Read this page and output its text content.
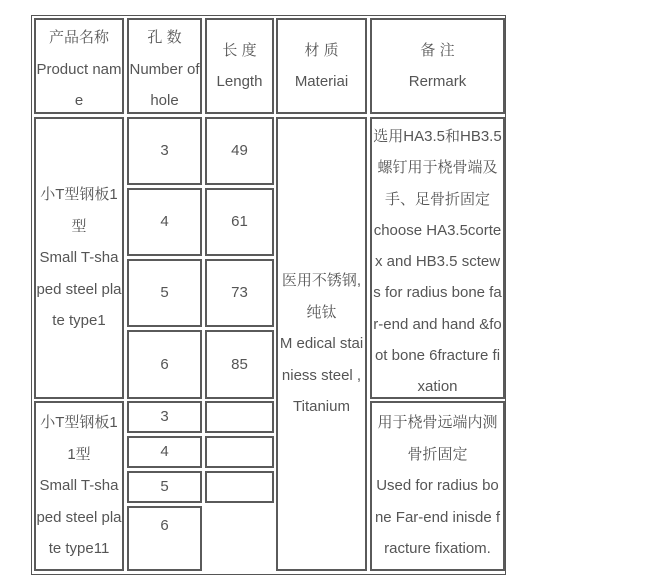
产品名称
Product nam
e
孔 数
Number of
hole
长 度
Length
材 质
Materiai
备 注
Rermark
小T型钢板1
型
Small T-sha
ped steel pla
te type1
3
4
5
6
49
61
73
85
医用不锈钢,
纯钛
M edical stai
niess steel ,
Titanium
选用HA3.5和HB3.5
螺钉用于桡骨端及
手、足骨折固定
choose HA3.5corte
x and HB3.5 sctew
s for radius bone fa
r-end and hand &fo
ot bone 6fracture fi
xation
小T型钢板1
1型
Small T-sha
ped steel pla
te type11
3
4
5
6
用于桡骨远端内测
骨折固定
Used for radius bo
ne Far-end inisde f
racture fixatiom.
